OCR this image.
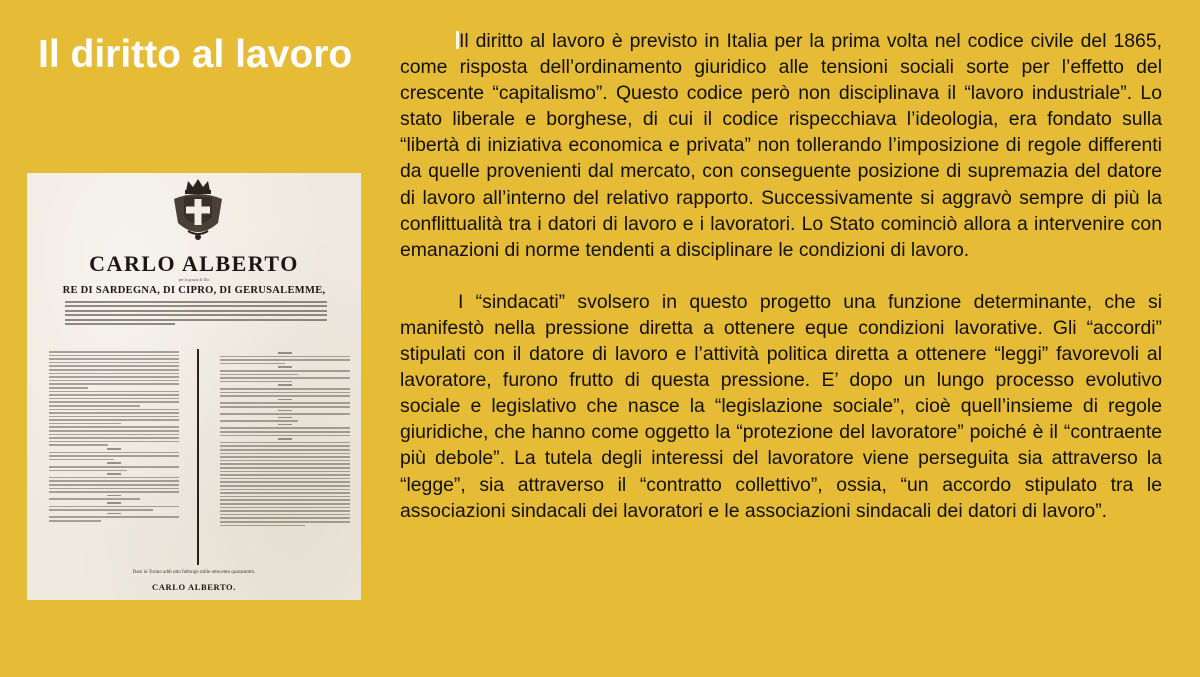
Il diritto al lavoro
CARLO ALBERTO
per la grazia di Dio
RE DI SARDEGNA, DI CIPRO, DI GERUSALEMME,
Dato in Torino addì otto febbrajo mille ottocento quarantotto.
CARLO ALBERTO.

Il diritto al lavoro è previsto in Italia per la prima volta nel codice civile del 1865, come risposta dell’ordinamento giuridico alle tensioni sociali sorte per l’effetto del crescente “capitalismo”. Questo codice però non disciplinava il “lavoro industriale”. Lo stato liberale e borghese, di cui il codice rispecchiava l’ideologia, era fondato sulla “libertà di iniziativa economica e privata” non tollerando l’imposizione di regole differenti da quelle provenienti dal mercato, con conseguente posizione di supremazia del datore di lavoro all’interno del relativo rapporto. Successivamente si aggravò sempre di più la conflittualità tra i datori di lavoro e i lavoratori. Lo Stato cominciò allora a intervenire con emanazioni di norme tendenti a disciplinare le condizioni di lavoro.

I “sindacati” svolsero in questo progetto una funzione determinante, che si manifestò nella pressione diretta a ottenere eque condizioni lavorative. Gli “accordi” stipulati con il datore di lavoro e l’attività politica diretta a ottenere “leggi” favorevoli al lavoratore, furono frutto di questa pressione. E’ dopo un lungo processo evolutivo sociale e legislativo che nasce la “legislazione sociale”, cioè quell’insieme di regole giuridiche, che hanno come oggetto la “protezione del lavoratore” poiché è il “contraente più debole”. La tutela degli interessi del lavoratore viene perseguita sia attraverso la “legge”, sia attraverso il “contratto collettivo”, ossia, “un accordo stipulato tra le associazioni sindacali dei lavoratori e le associazioni sindacali dei datori di lavoro”.
